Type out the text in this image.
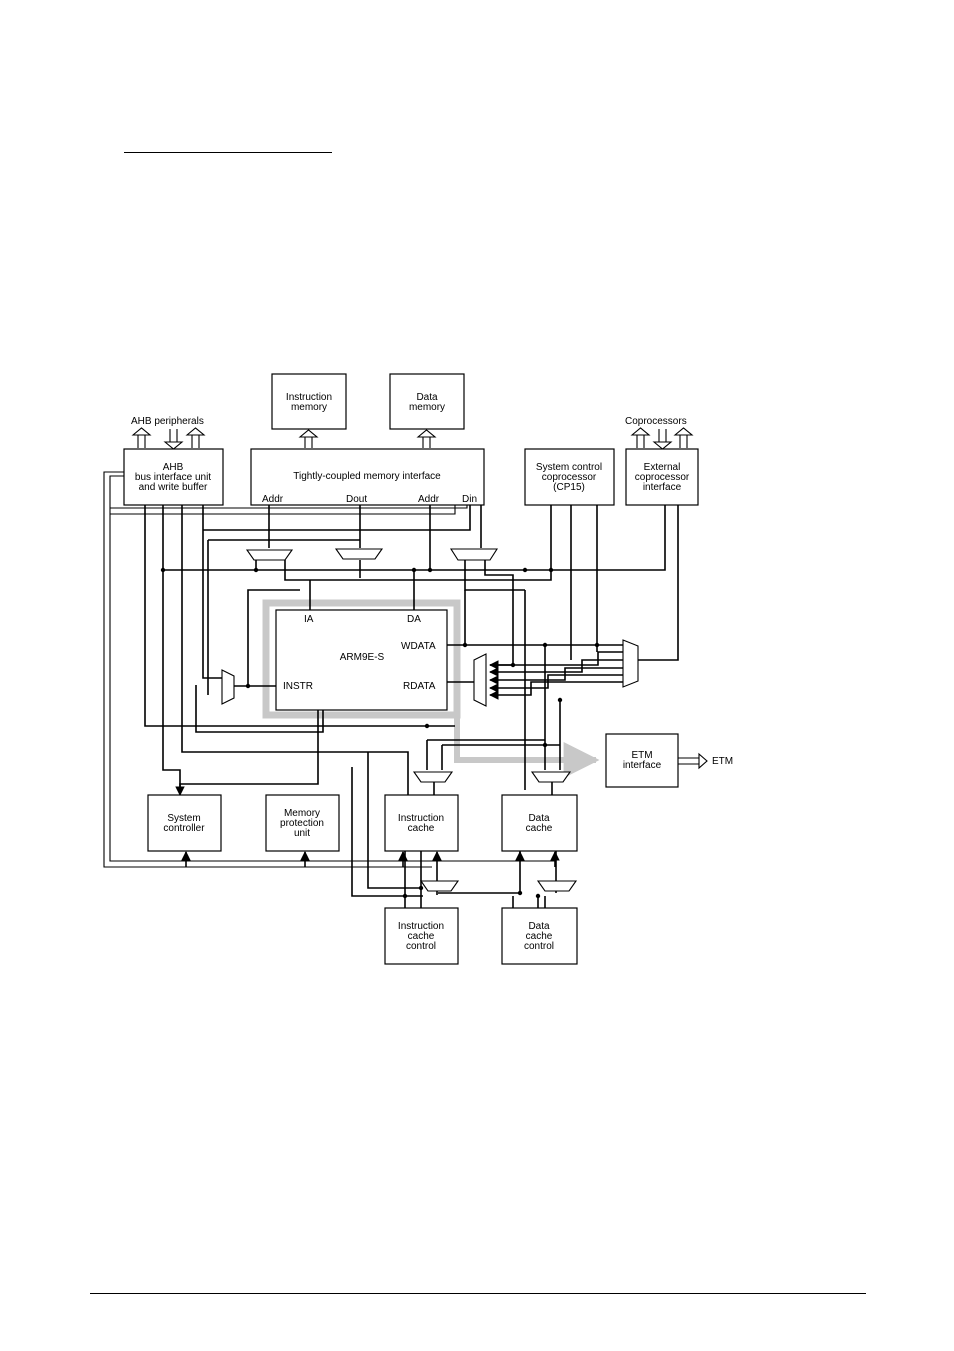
Instruction
memory
Data
memory
AHB peripherals	Coprocessors
AHB
bus interface unit
and write buffer
Tightly-coupled memory interface
Addr	Dout	Addr Din
System control
coprocessor
(CP15)
External
coprocessor
interface
IA	DA
WDATA
ARM9E-S
INSTR	RDATA
ETM
interface	ETM
System
controller
Memory
protection
unit
Instruction
cache
Data
cache
Instruction
cache
control
Data
cache
control
